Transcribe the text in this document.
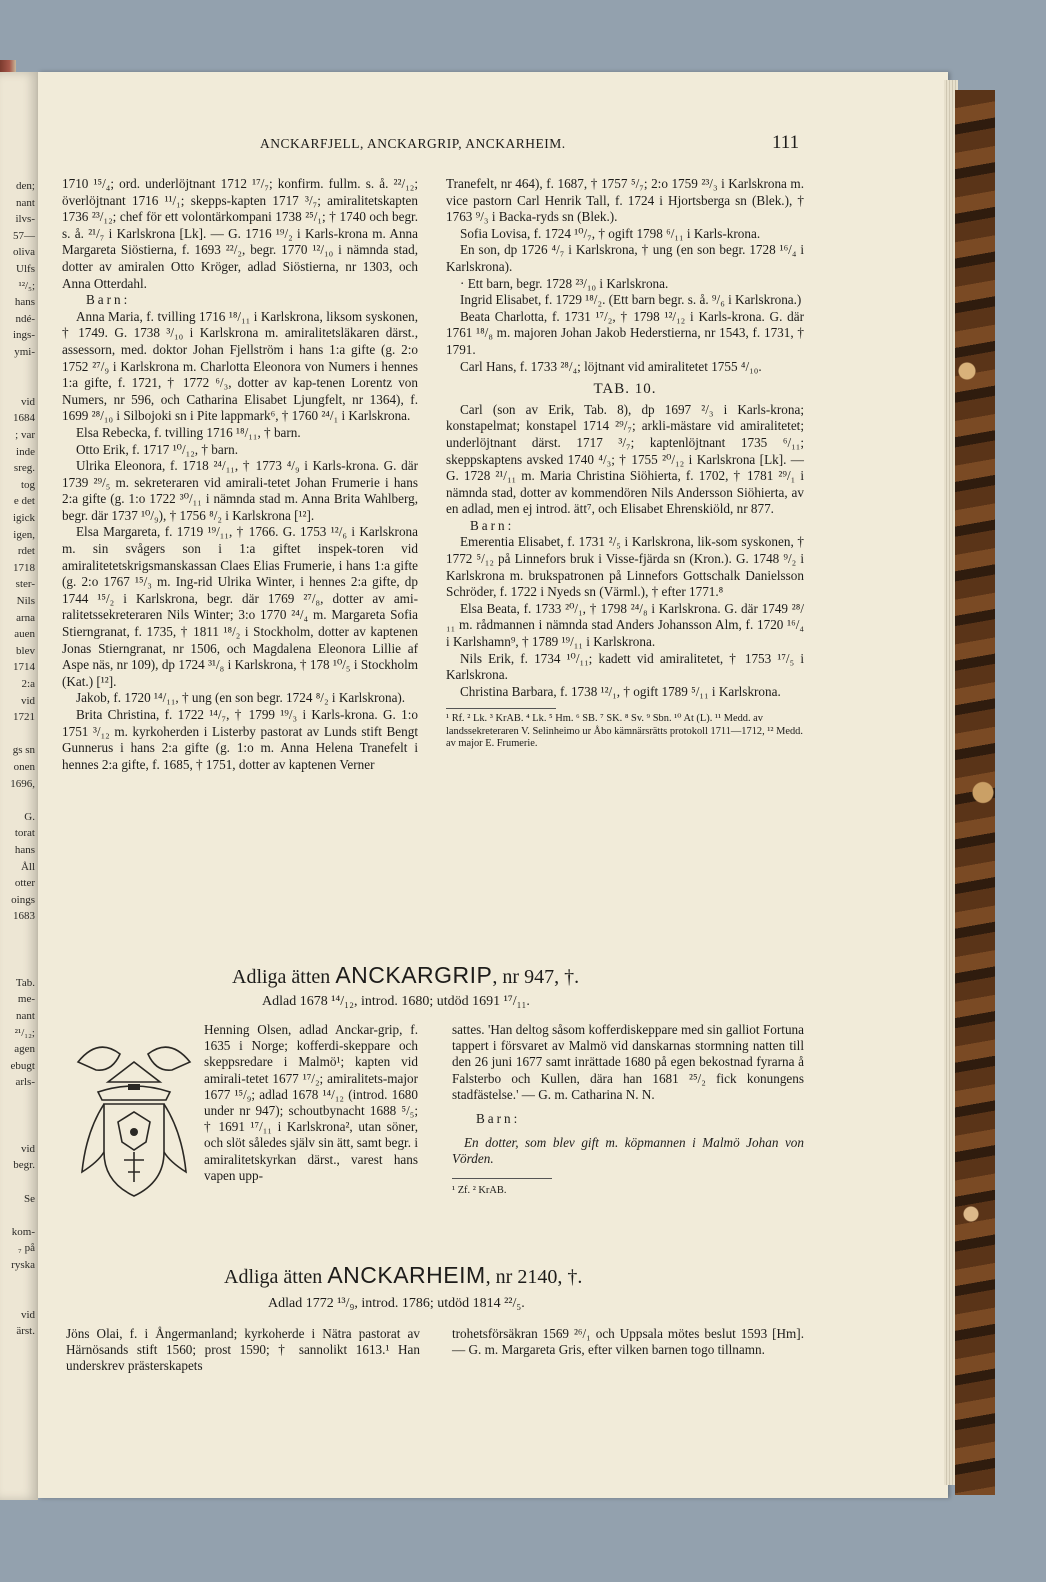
den;
nant
ilvs-
57—
oliva
Ulfs
¹²/₅;
hans
ndé-
ings-
ymi-
vid
1684
; var
inde
sreg.
tog
e det
igick
igen,
rdet
1718
ster-
Nils
arna
auen
blev
1714
2:a
vid
1721
gs sn
onen
1696,
G.
torat
hans
Åll
otter
oings
1683
Tab.
me-
nant
²¹/₁₂;
agen
ebugt
arls-
vid
begr.
Se
kom-
₇ på
ryska
vid
ärst.
ANCKARFJELL, ANCKARGRIP, ANCKARHEIM.	111

1710 ¹⁵/₄; ord. underlöjtnant 1712 ¹⁷/₇; konfirm. fullm. s. å. ²²/₁₂; överlöjtnant 1716 ¹¹/₁; skepps-kapten 1717 ³/₇; amiralitetskapten 1736 ²³/₁₂; chef för ett volontärkompani 1738 ²⁵/₁; † 1740 och begr. s. å. ²¹/₇ i Karlskrona [Lk]. — G. 1716 ¹⁹/₂ i Karls-krona m. Anna Margareta Siöstierna, f. 1693 ²²/₂, begr. 1770 ¹²/₁₀ i nämnda stad, dotter av amiralen Otto Kröger, adlad Siöstierna, nr 1303, och Anna Otterdahl.

Barn:

Anna Maria, f. tvilling 1716 ¹⁸/₁₁ i Karlskrona, liksom syskonen, † 1749. G. 1738 ³/₁₀ i Karlskrona m. amiralitetsläkaren därst., assessorn, med. doktor Johan Fjellström i hans 1:a gifte (g. 2:o 1752 ²⁷/₉ i Karlskrona m. Charlotta Eleonora von Numers i hennes 1:a gifte, f. 1721, † 1772 ⁶/₃, dotter av kap-tenen Lorentz von Numers, nr 596, och Catharina Elisabet Ljungfelt, nr 1364), f. 1699 ²⁸/₁₀ i Silbojoki sn i Pite lappmark⁶, † 1760 ²⁴/₁ i Karlskrona.

Elsa Rebecka, f. tvilling 1716 ¹⁸/₁₁, † barn.

Otto Erik, f. 1717 ¹⁰/₁₂, † barn.

Ulrika Eleonora, f. 1718 ²⁴/₁₁, † 1773 ⁴/₉ i Karls-krona. G. där 1739 ²⁹/₅ m. sekreteraren vid amirali-tetet Johan Frumerie i hans 2:a gifte (g. 1:o 1722 ³⁰/₁₁ i nämnda stad m. Anna Brita Wahlberg, begr. där 1737 ¹⁰/₉), † 1756 ⁸/₂ i Karlskrona [¹²].

Elsa Margareta, f. 1719 ¹⁹/₁₁, † 1766. G. 1753 ¹²/₆ i Karlskrona m. sin svågers son i 1:a giftet inspek-toren vid amiralitetetskrigsmanskassan Claes Elias Frumerie, i hans 1:a gifte (g. 2:o 1767 ¹⁵/₃ m. Ing-rid Ulrika Winter, i hennes 2:a gifte, dp 1744 ¹⁵/₂ i Karlskrona, begr. där 1769 ²⁷/₈, dotter av ami-ralitetssekreteraren Nils Winter; 3:o 1770 ²⁴/₄ m. Margareta Sofia Stierngranat, f. 1735, † 1811 ¹⁸/₂ i Stockholm, dotter av kaptenen Jonas Stierngranat, nr 1506, och Magdalena Eleonora Lillie af Aspe näs, nr 109), dp 1724 ³¹/₈ i Karlskrona, † 178 ¹⁰/₅ i Stockholm (Kat.) [¹²].

Jakob, f. 1720 ¹⁴/₁₁, † ung (en son begr. 1724 ⁸/₂ i Karlskrona).

Brita Christina, f. 1722 ¹⁴/₇, † 1799 ¹⁹/₃ i Karls-krona. G. 1:o 1751 ³/₁₂ m. kyrkoherden i Listerby pastorat av Lunds stift Bengt Gunnerus i hans 2:a gifte (g. 1:o m. Anna Helena Tranefelt i hennes 2:a gifte, f. 1685, † 1751, dotter av kaptenen Verner

Tranefelt, nr 464), f. 1687, † 1757 ⁵/₇; 2:o 1759 ²³/₃ i Karlskrona m. vice pastorn Carl Henrik Tall, f. 1724 i Hjortsberga sn (Blek.), † 1763 ⁹/₃ i Backa-ryds sn (Blek.).

Sofia Lovisa, f. 1724 ¹⁰/₇, † ogift 1798 ⁶/₁₁ i Karls-krona.

En son, dp 1726 ⁴/₇ i Karlskrona, † ung (en son begr. 1728 ¹⁶/₄ i Karlskrona).

· Ett barn, begr. 1728 ²³/₁₀ i Karlskrona.

Ingrid Elisabet, f. 1729 ¹⁸/₂. (Ett barn begr. s. å. ⁹/₆ i Karlskrona.)

Beata Charlotta, f. 1731 ¹⁷/₂, † 1798 ¹²/₁₂ i Karls-krona. G. där 1761 ¹⁸/₈ m. majoren Johan Jakob Hederstierna, nr 1543, f. 1731, † 1791.

Carl Hans, f. 1733 ²⁸/₄; löjtnant vid amiralitetet 1755 ⁴/₁₀.

TAB. 10.

Carl (son av Erik, Tab. 8), dp 1697 ²/₃ i Karls-krona; konstapelmat; konstapel 1714 ²⁹/₇; arkli-mästare vid amiralitetet; underlöjtnant därst. 1717 ³/₇; kaptenlöjtnant 1735 ⁶/₁₁; skeppskaptens avsked 1740 ⁴/₃; † 1755 ²⁰/₁₂ i Karlskrona [Lk]. — G. 1728 ²¹/₁₁ m. Maria Christina Siöhierta, f. 1702, † 1781 ²⁹/₁ i nämnda stad, dotter av kommendören Nils Andersson Siöhierta, av en adlad, men ej introd. ätt⁷, och Elisabet Ehrenskiöld, nr 877.

Barn:

Emerentia Elisabet, f. 1731 ²/₅ i Karlskrona, lik-som syskonen, † 1772 ⁵/₁₂ på Linnefors bruk i Visse-fjärda sn (Kron.). G. 1748 ⁹/₂ i Karlskrona m. brukspatronen på Linnefors Gottschalk Danielsson Schröder, f. 1722 i Nyeds sn (Värml.), † efter 1771.⁸

Elsa Beata, f. 1733 ²⁰/₁, † 1798 ²⁴/₈ i Karlskrona. G. där 1749 ²⁸/₁₁ m. rådmannen i nämnda stad Anders Johansson Alm, f. 1720 ¹⁶/₄ i Karlshamn⁹, † 1789 ¹⁹/₁₁ i Karlskrona.

Nils Erik, f. 1734 ¹⁰/₁₁; kadett vid amiralitetet, † 1753 ¹⁷/₅ i Karlskrona.

Christina Barbara, f. 1738 ¹²/₁, † ogift 1789 ⁵/₁₁ i Karlskrona.

¹ Rf. ² Lk. ³ KrAB. ⁴ Lk. ⁵ Hm. ⁶ SB. ⁷ SK. ⁸ Sv. ⁹ Sbn. ¹⁰ At (L). ¹¹ Medd. av landssekreteraren V. Selinheimo ur Åbo kämnärsrätts protokoll 1711—1712, ¹² Medd. av major E. Frumerie.

Adliga ätten ANCKARGRIP, nr 947, †.
Adlad 1678 ¹⁴/₁₂, introd. 1680; utdöd 1691 ¹⁷/₁₁.

Henning Olsen, adlad Anckar-grip, f. 1635 i Norge; kofferdi-skeppare och skeppsredare i Malmö¹; kapten vid amirali-tetet 1677 ¹⁷/₂; amiralitets-major 1677 ¹⁵/₉; adlad 1678 ¹⁴/₁₂ (introd. 1680 under nr 947); schoutbynacht 1688 ⁵/₅; † 1691 ¹⁷/₁₁ i Karlskrona², utan söner, och slöt således själv sin ätt, samt begr. i amiralitetskyrkan därst., varest hans vapen upp-

sattes. 'Han deltog såsom kofferdiskeppare med sin galliot Fortuna tappert i försvaret av Malmö vid danskarnas stormning natten till den 26 juni 1677 samt inrättade 1680 på egen bekostnad fyrarna å Falsterbo och Kullen, dära han 1681 ²⁵/₂ fick konungens stadfästelse.' — G. m. Catharina N. N.

Barn:

En dotter, som blev gift m. köpmannen i Malmö Johan von Vörden.

¹ Zf. ² KrAB.

Adliga ätten ANCKARHEIM, nr 2140, †.
Adlad 1772 ¹³/₉, introd. 1786; utdöd 1814 ²²/₅.

Jöns Olai, f. i Ångermanland; kyrkoherde i Nätra pastorat av Härnösands stift 1560; prost 1590; † sannolikt 1613.¹ Han underskrev prästerskapets

trohetsförsäkran 1569 ²⁶/₁ och Uppsala mötes beslut 1593 [Hm]. — G. m. Margareta Gris, efter vilken barnen togo tillnamn.
